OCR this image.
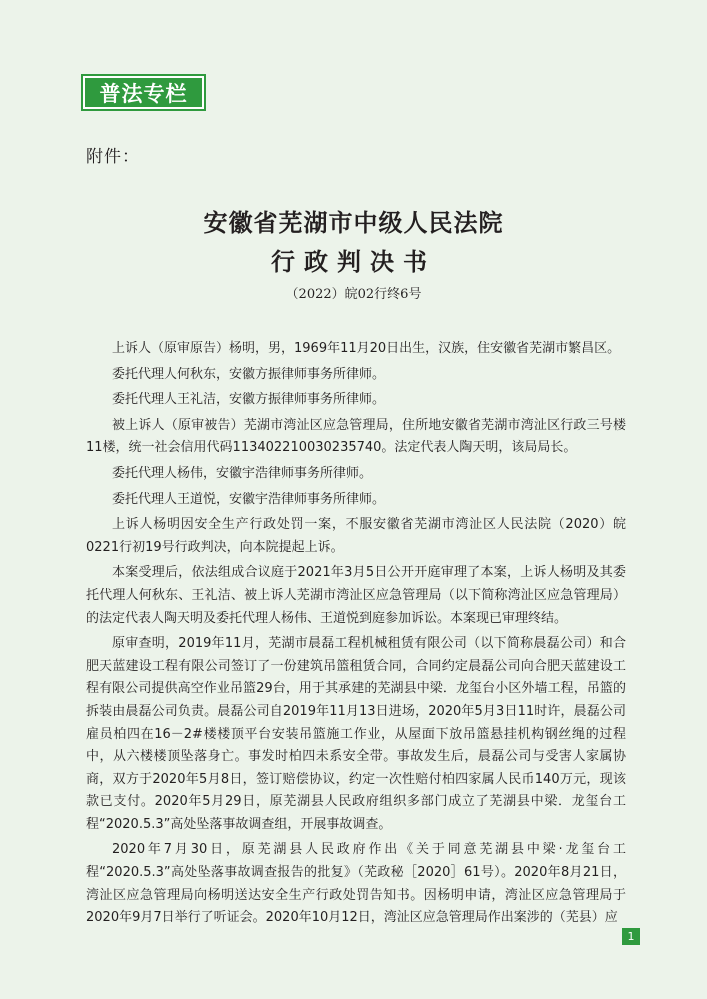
普法专栏
附件：
安徽省芜湖市中级人民法院
行政判决书
（2022）皖02行终6号

上诉人（原审原告）杨明，男，1969年11月20日出生，汉族，住安徽省芜湖市繁昌区。

委托代理人何秋东，安徽方振律师事务所律师。

委托代理人王礼洁，安徽方振律师事务所律师。

被上诉人（原审被告）芜湖市湾沚区应急管理局，住所地安徽省芜湖市湾沚区行政三号楼11楼，统一社会信用代码113402210030235740。法定代表人陶天明，该局局长。

委托代理人杨伟，安徽宇浩律师事务所律师。

委托代理人王道悦，安徽宇浩律师事务所律师。

上诉人杨明因安全生产行政处罚一案，不服安徽省芜湖市湾沚区人民法院（2020）皖0221行初19号行政判决，向本院提起上诉。

本案受理后，依法组成合议庭于2021年3月5日公开开庭审理了本案，上诉人杨明及其委托代理人何秋东、王礼洁、被上诉人芜湖市湾沚区应急管理局（以下简称湾沚区应急管理局）的法定代表人陶天明及委托代理人杨伟、王道悦到庭参加诉讼。本案现已审理终结。

原审查明，2019年11月，芜湖市晨磊工程机械租赁有限公司（以下简称晨磊公司）和合肥天蓝建设工程有限公司签订了一份建筑吊篮租赁合同，合同约定晨磊公司向合肥天蓝建设工程有限公司提供高空作业吊篮29台，用于其承建的芜湖县中梁．龙玺台小区外墙工程，吊篮的拆装由晨磊公司负责。晨磊公司自2019年11月13日进场，2020年5月3日11时许，晨磊公司雇员柏四在16－2#楼楼顶平台安装吊篮施工作业，从屋面下放吊篮悬挂机构钢丝绳的过程中，从六楼楼顶坠落身亡。事发时柏四未系安全带。事故发生后，晨磊公司与受害人家属协商，双方于2020年5月8日，签订赔偿协议，约定一次性赔付柏四家属人民币140万元，现该款已支付。2020年5月29日，原芜湖县人民政府组织多部门成立了芜湖县中梁．龙玺台工程“2020.5.3”高处坠落事故调查组，开展事故调查。

2020年7月30日，原芜湖县人民政府作出《关于同意芜湖县中梁·龙玺台工程“2020.5.3”高处坠落事故调查报告的批复》（芜政秘［2020］61号）。2020年8月21日，湾沚区应急管理局向杨明送达安全生产行政处罚告知书。因杨明申请，湾沚区应急管理局于2020年9月7日举行了听证会。2020年10月12日，湾沚区应急管理局作出案涉的（芜县）应

1
